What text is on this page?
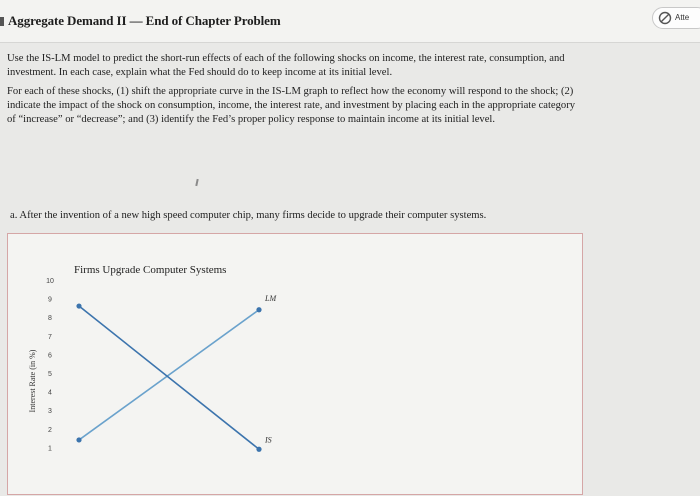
Aggregate Demand II — End of Chapter Problem	Atte

Use the IS-LM model to predict the short-run effects of each of the following shocks on income, the interest rate, consumption, and investment. In each case, explain what the Fed should do to keep income at its initial level.

For each of these shocks, (1) shift the appropriate curve in the IS-LM graph to reflect how the economy will respond to the shock; (2) indicate the impact of the shock on consumption, income, the interest rate, and investment by placing each in the appropriate category of “increase” or “decrease”; and (3) identify the Fed’s proper policy response to maintain income at its initial level.

a. After the invention of a new high speed computer chip, many firms decide to upgrade their computer systems.
Firms Upgrade Computer Systems
Interest Rate (in %)
1
2
3
4
5
6
7
8
9
10
LM
IS
